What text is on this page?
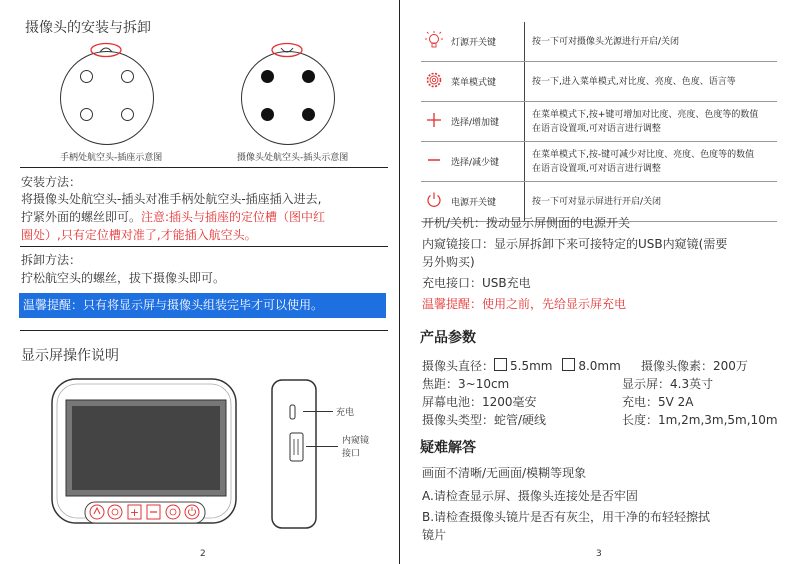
摄像头的安装与拆卸
手柄处航空头-插座示意图	摄像头处航空头-插头示意图
安装方法：
将摄像头处航空头-插头对准手柄处航空头-插座插入进去,
拧紧外面的螺丝即可。注意:插头与插座的定位槽（图中红
圈处）,只有定位槽对准了,才能插入航空头。
拆卸方法：
拧松航空头的螺丝，拔下摄像头即可。
温馨提醒：只有将显示屏与摄像头组装完毕才可以使用。
显示屏操作说明
+
充电
内窥镜
接口
2
	灯源开关键	按一下可对摄像头光源进行开启/关闭

	菜单模式键	按一下,进入菜单模式,对比度、亮度、色度、语言等

	选择/增加键	在菜单模式下,按+键可增加对比度、亮度、色度等的数值
在语言设置项,可对语言进行调整

	选择/减少键	在菜单模式下,按-键可减少对比度、亮度、色度等的数值
在语言设置项,可对语言进行调整

	电源开关键	按一下可对显示屏进行开启/关闭
开机/关机：拨动显示屏侧面的电源开关
内窥镜接口：显示屏拆卸下来可接特定的USB内窥镜(需要
另外购买)
充电接口：USB充电
温馨提醒：使用之前，先给显示屏充电
产品参数
摄像头直径： 5.5mm 8.0mm 摄像头像素：200万
焦距：3~10cm	显示屏：4.3英寸
屏幕电池：1200毫安	充电：5V 2A
摄像头类型：蛇管/硬线	长度：1m,2m,3m,5m,10m
疑难解答
画面不清晰/无画面/模糊等现象
A.请检查显示屏、摄像头连接处是否牢固
B.请检查摄像头镜片是否有灰尘，用干净的布轻轻擦拭
镜片
3
